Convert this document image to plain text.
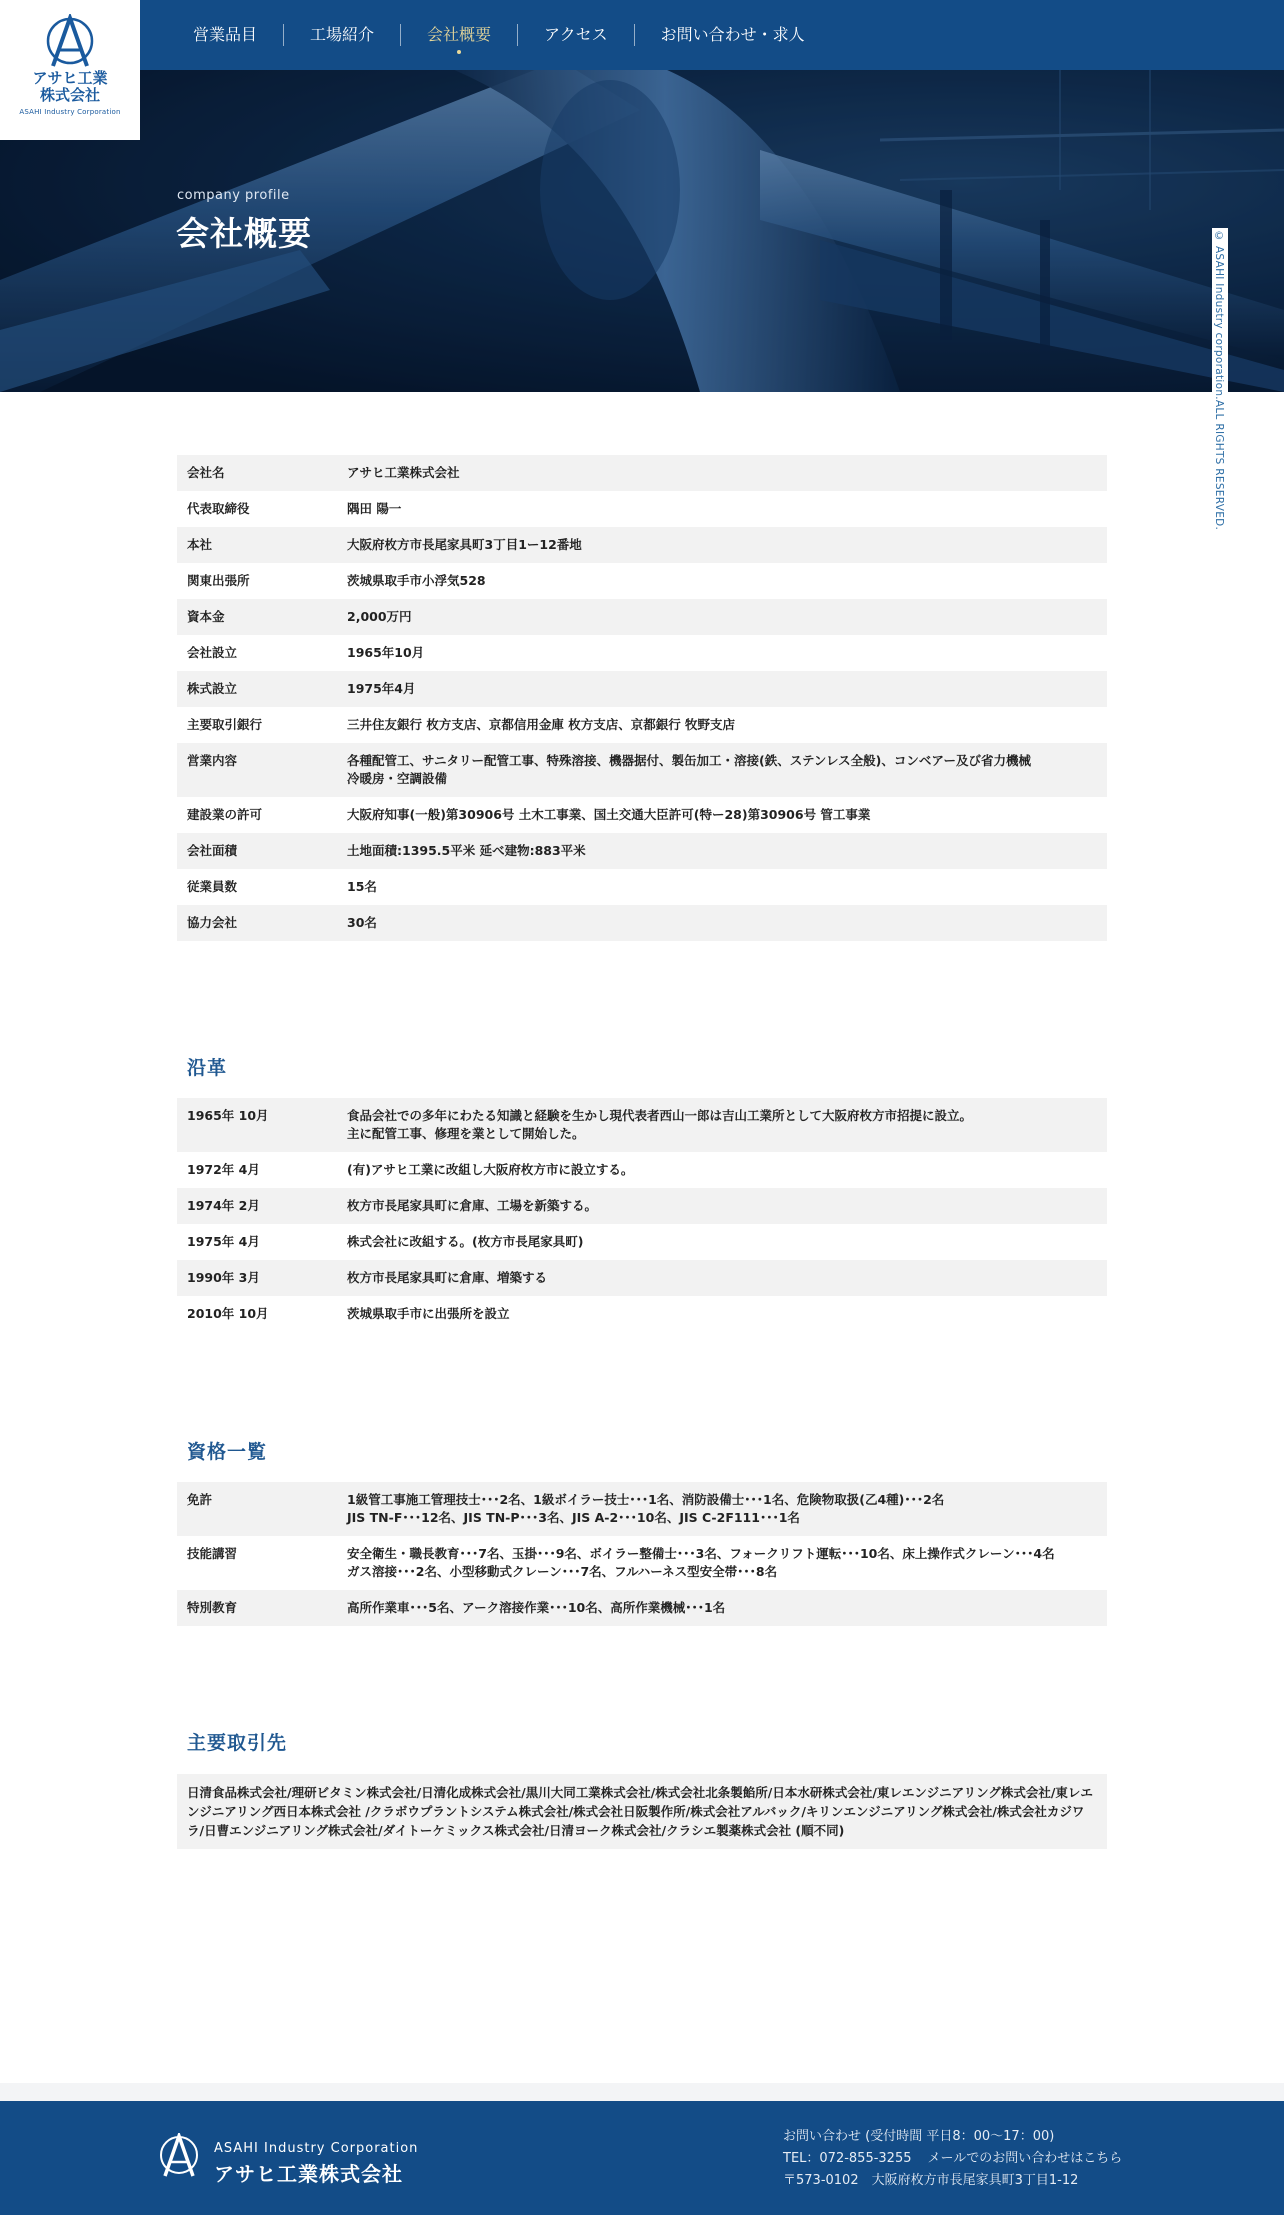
営業品目	工場紹介	会社概要	アクセス	お問い合わせ・求人
アサヒ工業
株式会社
ASAHI Industry Corporation
company profile
会社概要	© ASAHI Industry corporation.ALL RIGHTS RESERVED.
会社名	アサヒ工業株式会社
代表取締役	隅田 陽一
本社	大阪府枚方市長尾家具町3丁目1ー12番地
関東出張所	茨城県取手市小浮気528
資本金	2,000万円
会社設立	1965年10月
株式設立	1975年4月
主要取引銀行	三井住友銀行 枚方支店、京都信用金庫 枚方支店、京都銀行 牧野支店
営業内容	各種配管工、サニタリー配管工事、特殊溶接、機器据付、製缶加工・溶接(鉄、ステンレス全般)、コンベアー及び省力機械
冷暖房・空調設備
建設業の許可	大阪府知事(一般)第30906号 土木工事業、国土交通大臣許可(特ー28)第30906号 管工事業
会社面積	土地面積:1395.5平米 延べ建物:883平米
従業員数	15名
協力会社	30名
沿革
1965年 10月	食品会社での多年にわたる知識と経験を生かし現代表者西山一郎は吉山工業所として大阪府枚方市招提に設立。
主に配管工事、修理を業として開始した。
1972年 4月	(有)アサヒ工業に改組し大阪府枚方市に設立する。
1974年 2月	枚方市長尾家具町に倉庫、工場を新築する。
1975年 4月	株式会社に改組する。(枚方市長尾家具町)
1990年 3月	枚方市長尾家具町に倉庫、増築する
2010年 10月	茨城県取手市に出張所を設立
資格一覧
免許	1級管工事施工管理技士･･･2名、1級ボイラー技士･･･1名、消防設備士･･･1名、危険物取扱(乙4種)･･･2名
JIS TN-F･･･12名、JIS TN-P･･･3名、JIS A-2･･･10名、JIS C-2F111･･･1名
技能講習	安全衛生・職長教育･･･7名、玉掛･･･9名、ボイラー整備士･･･3名、フォークリフト運転･･･10名、床上操作式クレーン･･･4名
ガス溶接･･･2名、小型移動式クレーン･･･7名、フルハーネス型安全帯･･･8名
特別教育	高所作業車･･･5名、アーク溶接作業･･･10名、高所作業機械･･･1名
主要取引先
日清食品株式会社/理研ビタミン株式会社/日清化成株式会社/黒川大同工業株式会社/株式会社北条製餡所/日本水研株式会社/東レエンジニアリング株式会社/東レエンジニアリング西日本株式会社 /クラボウプラントシステム株式会社/株式会社日阪製作所/株式会社アルバック/キリンエンジニアリング株式会社/株式会社カジワラ/日曹エンジニアリング株式会社/ダイトーケミックス株式会社/日清ヨーク株式会社/クラシエ製薬株式会社 (順不同)
ASAHI Industry Corporation
アサヒ工業株式会社
お問い合わせ (受付時間 平日8：00〜17：00)
TEL：072-855-3255 メールでのお問い合わせはこちら
〒573-0102　大阪府枚方市長尾家具町3丁目1-12
